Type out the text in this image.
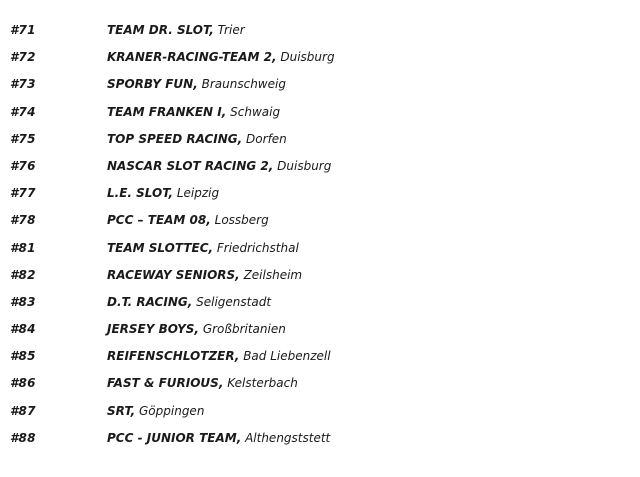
#71	TEAM DR. SLOT, Trier
#72	KRANER-RACING-TEAM 2, Duisburg
#73	SPORBY FUN, Braunschweig
#74	TEAM FRANKEN I, Schwaig
#75	TOP SPEED RACING, Dorfen
#76	NASCAR SLOT RACING 2, Duisburg
#77	L.E. SLOT, Leipzig
#78	PCC – TEAM 08, Lossberg
#81	TEAM SLOTTEC, Friedrichsthal
#82	RACEWAY SENIORS, Zeilsheim
#83	D.T. RACING, Seligenstadt
#84	JERSEY BOYS, Großbritanien
#85	REIFENSCHLOTZER, Bad Liebenzell
#86	FAST & FURIOUS, Kelsterbach
#87	SRT, Göppingen
#88	PCC - JUNIOR TEAM, Althengststett
